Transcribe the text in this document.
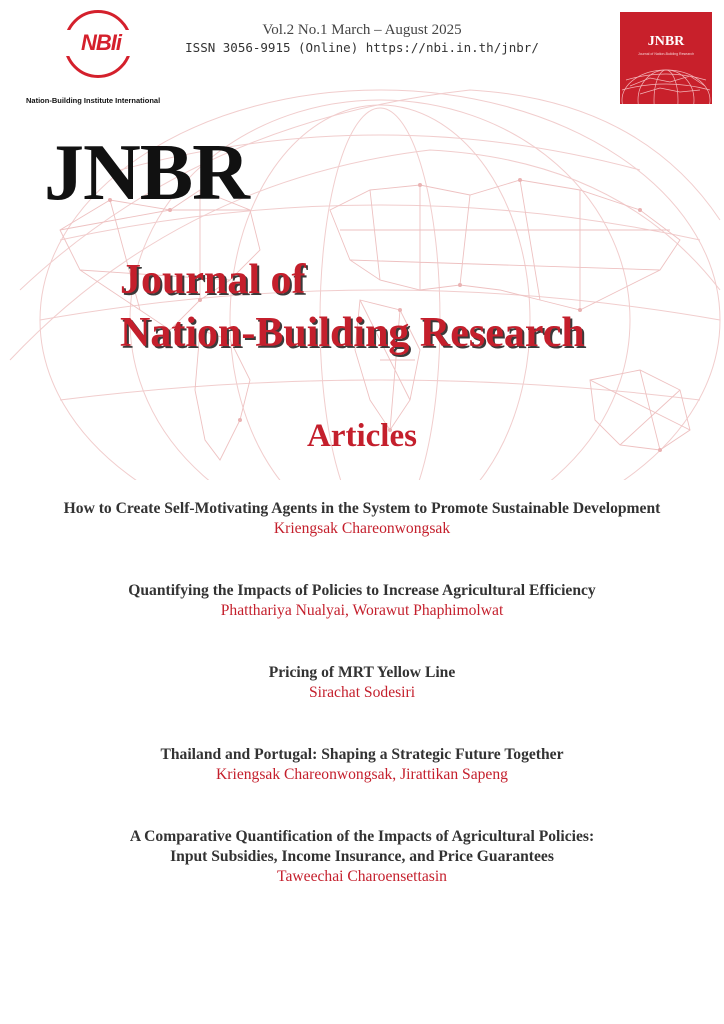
NBIi
Nation-Building Institute International
Vol.2 No.1 March – August 2025
ISSN 3056-9915 (Online) https://nbi.in.th/jnbr/	JNBR
Journal of Nation-Building Research
JNBR
Journal of
Nation-Building Research
Articles
How to Create Self-Motivating Agents in the System to Promote Sustainable Development
Kriengsak Chareonwongsak
Quantifying the Impacts of Policies to Increase Agricultural Efficiency
Phatthariya Nualyai, Worawut Phaphimolwat
Pricing of MRT Yellow Line
Sirachat Sodesiri
Thailand and Portugal: Shaping a Strategic Future Together
Kriengsak Chareonwongsak, Jirattikan Sapeng
A Comparative Quantification of the Impacts of Agricultural Policies:
Input Subsidies, Income Insurance, and Price Guarantees
Taweechai Charoensettasin
